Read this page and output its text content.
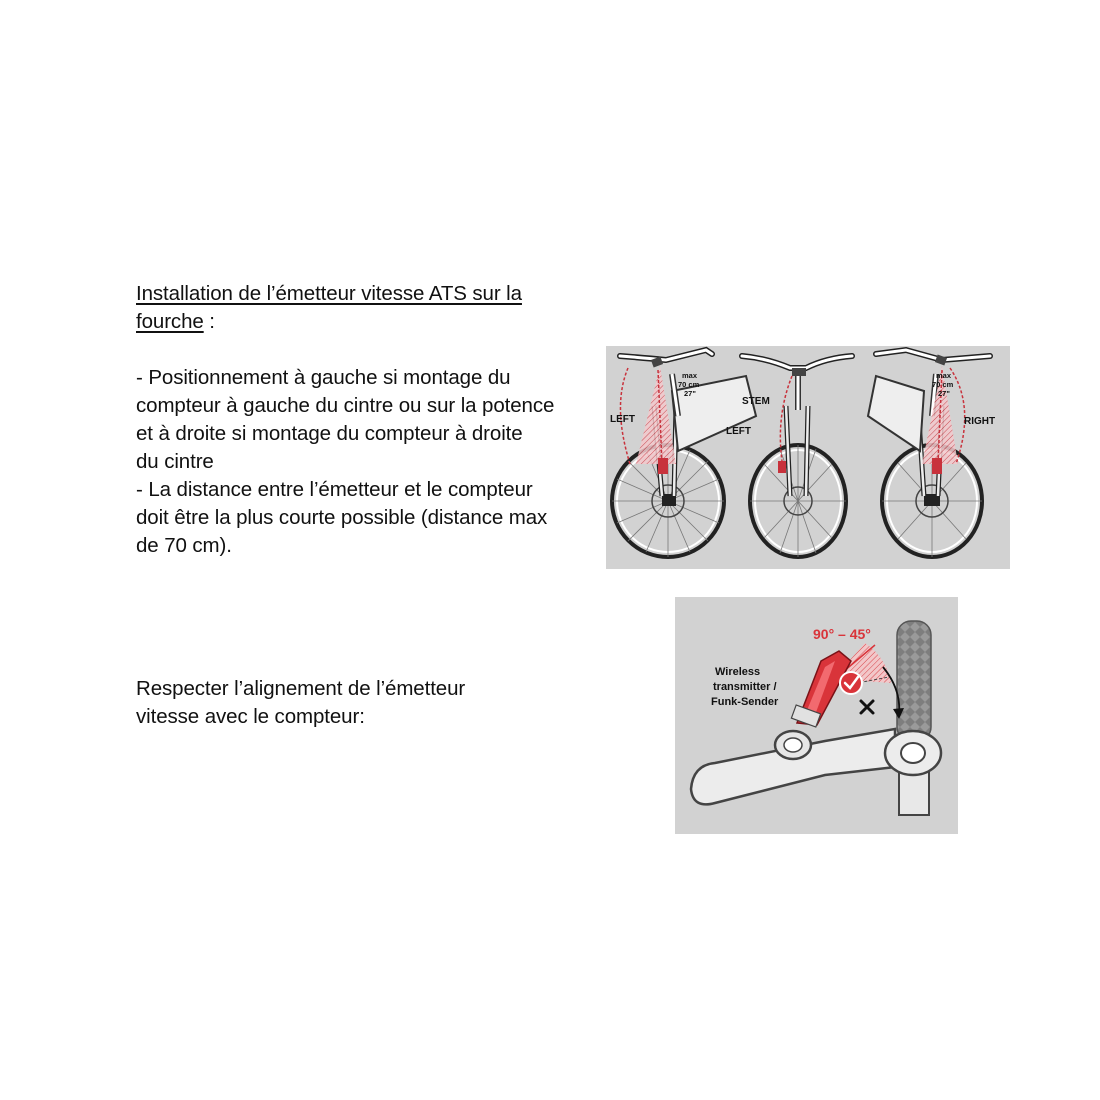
Installation de l’émetteur vitesse ATS sur la
fourche :

- Positionnement à gauche si montage du

compteur à gauche du cintre ou sur la potence

et à droite si montage du compteur à droite

du cintre

- La distance entre l’émetteur et le compteur

doit être la plus courte possible (distance max

de 70 cm).

Respecter l’alignement de l’émetteur

vitesse avec le compteur:

LEFT
max
70 cm
27"
STEM
LEFT
RIGHT
max
70 cm
27"
90° – 45°
Wireless
transmitter /
Funk-Sender
